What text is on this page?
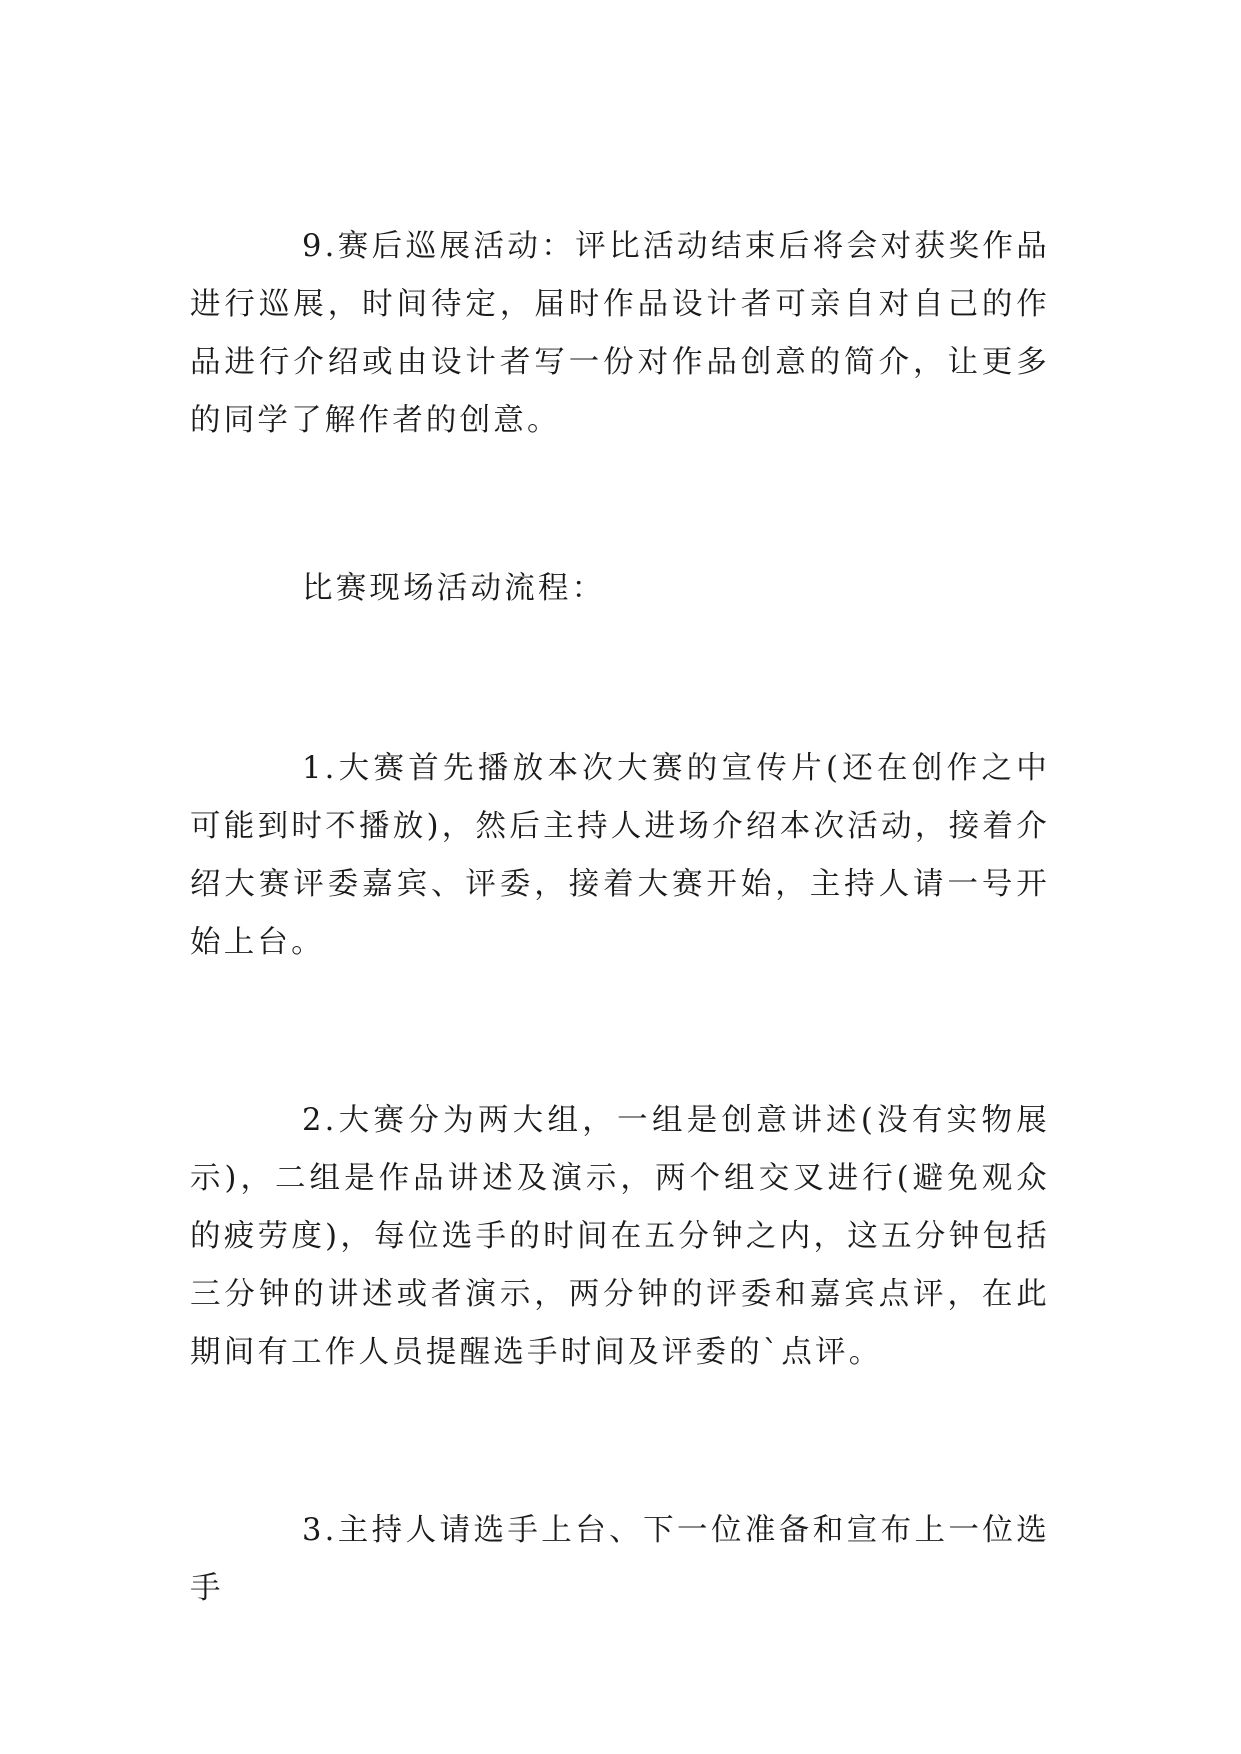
9.赛后巡展活动：评比活动结束后将会对获奖作品进行巡展，时间待定，届时作品设计者可亲自对自己的作品进行介绍或由设计者写一份对作品创意的简介，让更多的同学了解作者的创意。

比赛现场活动流程：

1.大赛首先播放本次大赛的宣传片(还在创作之中可能到时不播放)，然后主持人进场介绍本次活动，接着介绍大赛评委嘉宾、评委，接着大赛开始，主持人请一号开始上台。

2.大赛分为两大组，一组是创意讲述(没有实物展示)，二组是作品讲述及演示，两个组交叉进行(避免观众的疲劳度)，每位选手的时间在五分钟之内，这五分钟包括三分钟的讲述或者演示，两分钟的评委和嘉宾点评，在此期间有工作人员提醒选手时间及评委的`点评。

3.主持人请选手上台、下一位准备和宣布上一位选手
